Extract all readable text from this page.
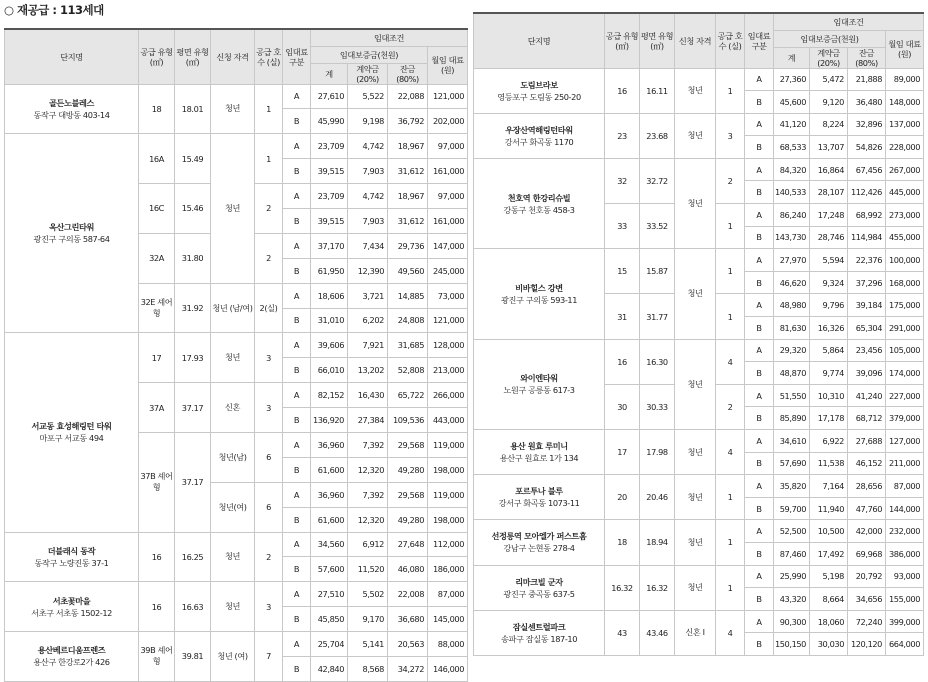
○ 재공급 : 113세대
단지명	공급 유형 (㎡)	평면 유형 (㎡)	신청 자격	공급 호수 (실)	임대료 구분	임대조건			
						임대보증금(천원)			월임 대료 (원)
						계	계약금 (20%)	잔금 (80%)	

골든노블레스
동작구 대방동 403-14	18	18.01	청년	1	A	27,610	5,522	22,088	121,000
					B	45,990	9,198	36,792	202,000

옥산그린타워
광진구 구의동 587-64	16A	15.49	청년	1	A	23,709	4,742	18,967	97,000
					B	39,515	7,903	31,612	161,000
	16C	15.46		2	A	23,709	4,742	18,967	97,000
					B	39,515	7,903	31,612	161,000
	32A	31.80		2	A	37,170	7,434	29,736	147,000
					B	61,950	12,390	49,560	245,000
	32E 셰어형	31.92	청년 (남/여)	2(실)	A	18,606	3,721	14,885	73,000
					B	31,010	6,202	24,808	121,000

서교동 효성해링턴 타워
마포구 서교동 494	17	17.93	청년	3	A	39,606	7,921	31,685	128,000
					B	66,010	13,202	52,808	213,000
	37A	37.17	신혼	3	A	82,152	16,430	65,722	266,000
					B	136,920	27,384	109,536	443,000
	37B 셰어형	37.17	청년(남)	6	A	36,960	7,392	29,568	119,000
					B	61,600	12,320	49,280	198,000
			청년(여)	6	A	36,960	7,392	29,568	119,000
					B	61,600	12,320	49,280	198,000

더블래식 동작
동작구 노량진동 37-1	16	16.25	청년	2	A	34,560	6,912	27,648	112,000
					B	57,600	11,520	46,080	186,000

서초꽃마을
서초구 서초동 1502-12	16	16.63	청년	3	A	27,510	5,502	22,008	87,000
					B	45,850	9,170	36,680	145,000

용산베르디움프렌즈
용산구 한강로2가 426	39B 셰어형	39.81	청년 (여)	7	A	25,704	5,141	20,563	88,000
					B	42,840	8,568	34,272	146,000
단지명	공급 유형 (㎡)	평면 유형 (㎡)	신청 자격	공급 호수 (실)	임대료 구분	임대조건			
						임대보증금(천원)			월임 대료 (원)
						계	계약금 (20%)	잔금 (80%)	

도림브라보
영등포구 도림동 250-20	16	16.11	청년	1	A	27,360	5,472	21,888	89,000
					B	45,600	9,120	36,480	148,000

우장산역해링턴타워
강서구 화곡동 1170	23	23.68	청년	3	A	41,120	8,224	32,896	137,000
					B	68,533	13,707	54,826	228,000

천호역 한강리슈빌
강동구 천호동 458-3	32	32.72	청년	2	A	84,320	16,864	67,456	267,000
					B	140,533	28,107	112,426	445,000
	33	33.52		1	A	86,240	17,248	68,992	273,000
					B	143,730	28,746	114,984	455,000

비바힐스 강변
광진구 구의동 593-11	15	15.87	청년	1	A	27,970	5,594	22,376	100,000
					B	46,620	9,324	37,296	168,000
	31	31.77		1	A	48,980	9,796	39,184	175,000
					B	81,630	16,326	65,304	291,000

와이엔타워
노원구 공릉동 617-3	16	16.30	청년	4	A	29,320	5,864	23,456	105,000
					B	48,870	9,774	39,096	174,000
	30	30.33		2	A	51,550	10,310	41,240	227,000
					B	85,890	17,178	68,712	379,000

용산 원효 루미니
용산구 원효로 1가 134	17	17.98	청년	4	A	34,610	6,922	27,688	127,000
					B	57,690	11,538	46,152	211,000

포르투나 블루
강서구 화곡동 1073-11	20	20.46	청년	1	A	35,820	7,164	28,656	87,000
					B	59,700	11,940	47,760	144,000

선정릉역 모아엘가 퍼스트홈
강남구 논현동 278-4	18	18.94	청년	1	A	52,500	10,500	42,000	232,000
					B	87,460	17,492	69,968	386,000

리마크빌 군자
광진구 중곡동 637-5	16.32	16.32	청년	1	A	25,990	5,198	20,792	93,000
					B	43,320	8,664	34,656	155,000

잠실센트럴파크
송파구 잠실동 187-10	43	43.46	신혼 I	4	A	90,300	18,060	72,240	399,000
					B	150,150	30,030	120,120	664,000
